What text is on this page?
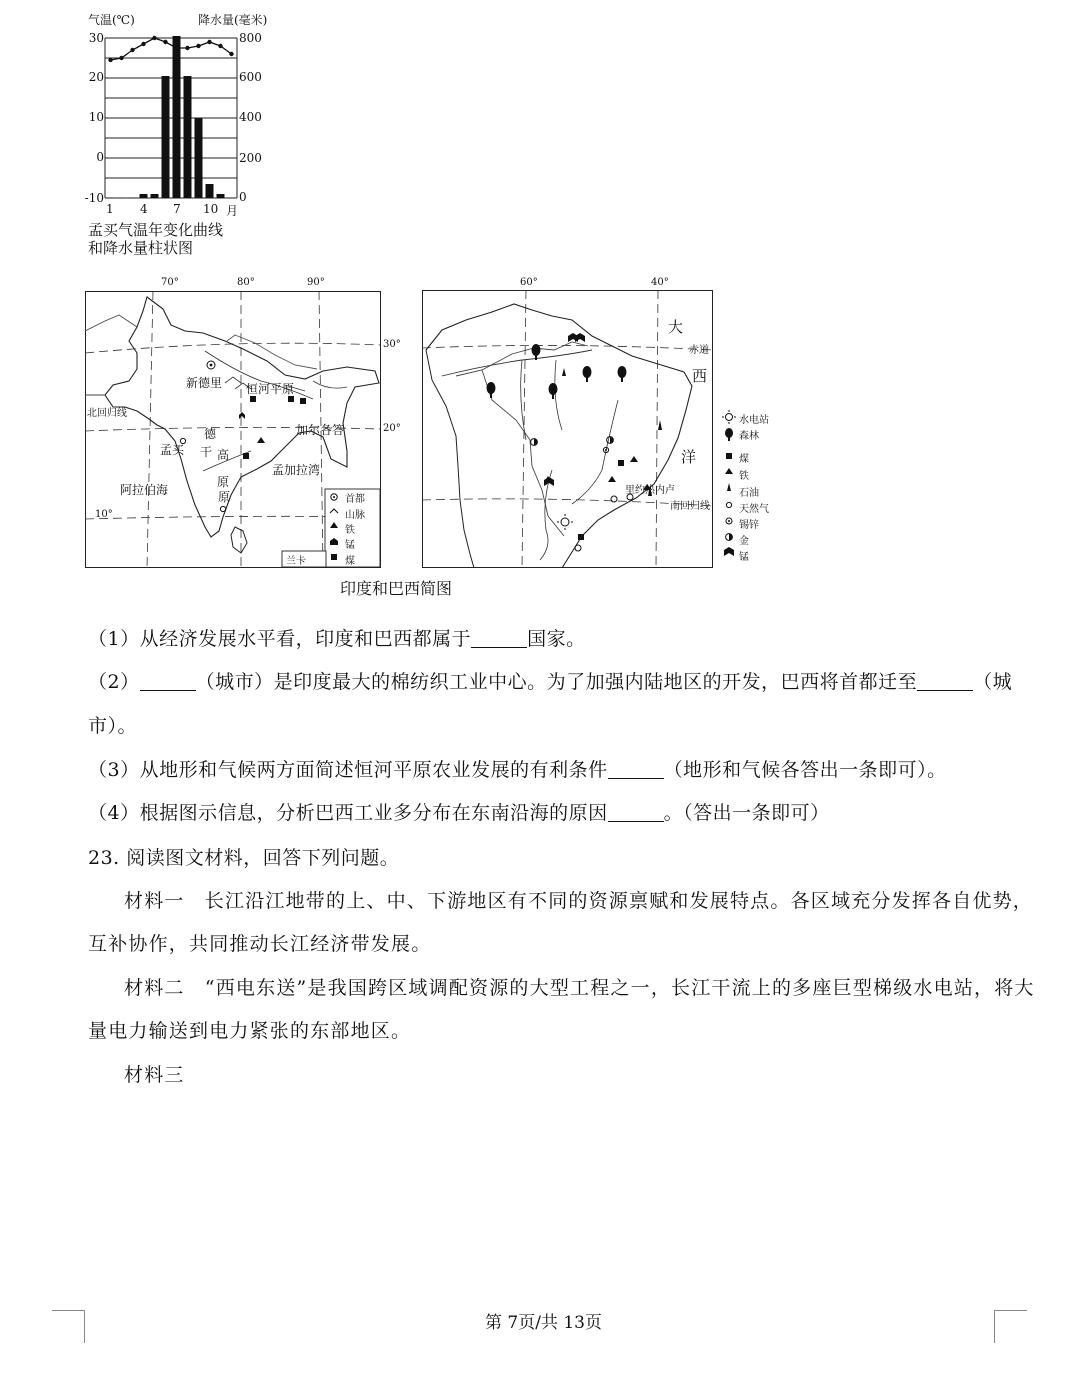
气温(℃)	降水量(毫米)
30
20
10
0
-10
800
600
400
200
0
1 4 7 10 月
孟买气温年变化曲线
和降水量柱状图
70°	80°	90°
30°
20°
10°
新德里 恒河平原
加尔各答
孟买
德
干 高
原
原
孟加拉湾
阿拉伯海
北回归线
首都
山脉
铁
锰
煤
兰卡
60°	40°
大
西
洋
赤道
里约热内卢
南回归线
水电站
森林
煤
铁
石油
天然气
锡锌
金
锰
印度和巴西简图
（1）从经济发展水平看，印度和巴西都属于	国家。
（2）	（城市）是印度最大的棉纺织工业中心。为了加强内陆地区的开发，巴西将首都迁至	（城
市）。
（3）从地形和气候两方面简述恒河平原农业发展的有利条件	（地形和气候各答出一条即可）。
（4）根据图示信息，分析巴西工业多分布在东南沿海的原因	。（答出一条即可）
23. 阅读图文材料，回答下列问题。
材料一　长江沿江地带的上、中、下游地区有不同的资源禀赋和发展特点。各区域充分发挥各自优势，
互补协作，共同推动长江经济带发展。
材料二　“西电东送”是我国跨区域调配资源的大型工程之一，长江干流上的多座巨型梯级水电站，将大
量电力输送到电力紧张的东部地区。
材料三
第 7页/共 13页
